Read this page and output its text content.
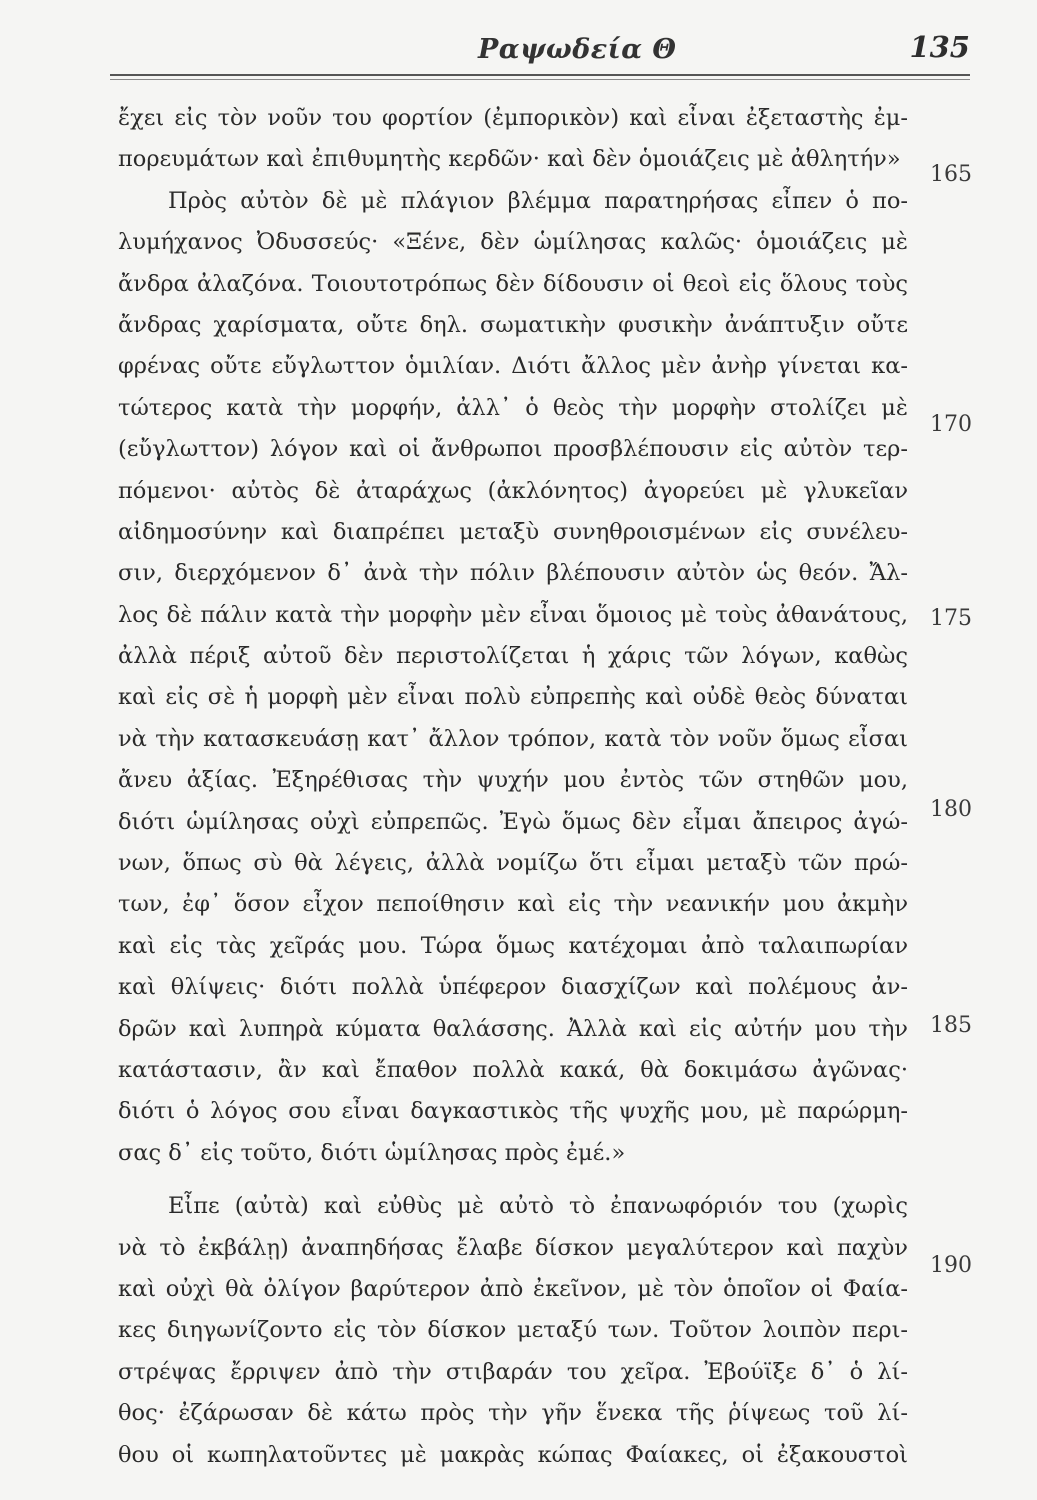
Ραψωδεία Θ	135
ἔχει εἰς τὸν νοῦν του φορτίον (ἐμπορικὸν) καὶ εἶναι ἐξεταστὴς ἐμ-
πορευμάτων καὶ ἐπιθυμητὴς κερδῶν· καὶ δὲν ὁμοιάζεις μὲ ἀθλητήν»
Πρὸς αὐτὸν δὲ μὲ πλάγιον βλέμμα παρατηρήσας εἶπεν ὁ πο-
λυμήχανος Ὀδυσσεύς· «Ξένε, δὲν ὡμίλησας καλῶς· ὁμοιάζεις μὲ
ἄνδρα ἀλαζόνα. Τοιουτοτρόπως δὲν δίδουσιν οἱ θεοὶ εἰς ὅλους τοὺς
ἄνδρας χαρίσματα, οὔτε δηλ. σωματικὴν φυσικὴν ἀνάπτυξιν οὔτε
φρένας οὔτε εὔγλωττον ὁμιλίαν. Διότι ἄλλος μὲν ἀνὴρ γίνεται κα-
τώτερος κατὰ τὴν μορφήν, ἀλλ᾽ ὁ θεὸς τὴν μορφὴν στολίζει μὲ
(εὔγλωττον) λόγον καὶ οἱ ἄνθρωποι προσβλέπουσιν εἰς αὐτὸν τερ-
πόμενοι· αὐτὸς δὲ ἀταράχως (ἀκλόνητος) ἀγορεύει μὲ γλυκεῖαν
αἰδημοσύνην καὶ διαπρέπει μεταξὺ συνηθροισμένων εἰς συνέλευ-
σιν, διερχόμενον δ᾽ ἀνὰ τὴν πόλιν βλέπουσιν αὐτὸν ὡς θεόν. Ἄλ-
λος δὲ πάλιν κατὰ τὴν μορφὴν μὲν εἶναι ὅμοιος μὲ τοὺς ἀθανάτους,
ἀλλὰ πέριξ αὐτοῦ δὲν περιστολίζεται ἡ χάρις τῶν λόγων, καθὼς
καὶ εἰς σὲ ἡ μορφὴ μὲν εἶναι πολὺ εὐπρεπὴς καὶ οὐδὲ θεὸς δύναται
νὰ τὴν κατασκευάσῃ κατ᾽ ἄλλον τρόπον, κατὰ τὸν νοῦν ὅμως εἶσαι
ἄνευ ἀξίας. Ἐξηρέθισας τὴν ψυχήν μου ἐντὸς τῶν στηθῶν μου,
διότι ὡμίλησας οὐχὶ εὐπρεπῶς. Ἐγὼ ὅμως δὲν εἶμαι ἄπειρος ἀγώ-
νων, ὅπως σὺ θὰ λέγεις, ἀλλὰ νομίζω ὅτι εἶμαι μεταξὺ τῶν πρώ-
των, ἐφ᾽ ὅσον εἶχον πεποίθησιν καὶ εἰς τὴν νεανικήν μου ἀκμὴν
καὶ εἰς τὰς χεῖράς μου. Τώρα ὅμως κατέχομαι ἀπὸ ταλαιπωρίαν
καὶ θλίψεις· διότι πολλὰ ὑπέφερον διασχίζων καὶ πολέμους ἀν-
δρῶν καὶ λυπηρὰ κύματα θαλάσσης. Ἀλλὰ καὶ εἰς αὐτήν μου τὴν
κατάστασιν, ἂν καὶ ἔπαθον πολλὰ κακά, θὰ δοκιμάσω ἀγῶνας·
διότι ὁ λόγος σου εἶναι δαγκαστικὸς τῆς ψυχῆς μου, μὲ παρώρμη-
σας δ᾽ εἰς τοῦτο, διότι ὡμίλησας πρὸς ἐμέ.»
Εἶπε (αὐτὰ) καὶ εὐθὺς μὲ αὐτὸ τὸ ἐπανωφόριόν του (χωρὶς
νὰ τὸ ἐκβάλῃ) ἀναπηδήσας ἔλαβε δίσκον μεγαλύτερον καὶ παχὺν
καὶ οὐχὶ θὰ ὀλίγον βαρύτερον ἀπὸ ἐκεῖνον, μὲ τὸν ὁποῖον οἱ Φαία-
κες διηγωνίζοντο εἰς τὸν δίσκον μεταξύ των. Τοῦτον λοιπὸν περι-
στρέψας ἔρριψεν ἀπὸ τὴν στιβαράν του χεῖρα. Ἐβούϊξε δ᾽ ὁ λί-
θος· ἐζάρωσαν δὲ κάτω πρὸς τὴν γῆν ἕνεκα τῆς ῥίψεως τοῦ λί-
θου οἱ κωπηλατοῦντες μὲ μακρὰς κώπας Φαίακες, οἱ ἐξακουστοὶ
165
170
175
180
185
190
